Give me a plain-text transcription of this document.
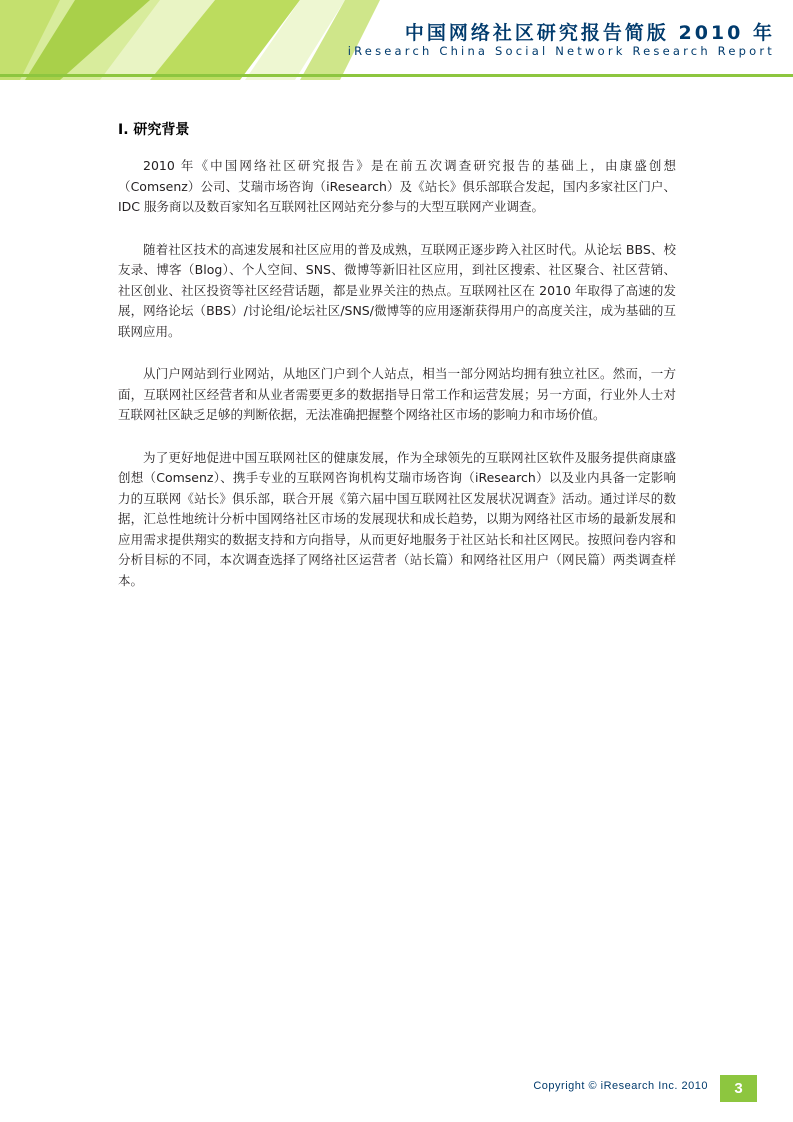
中国网络社区研究报告简版 2010 年
iResearch China Social Network Research Report
I. 研究背景

2010 年《中国网络社区研究报告》是在前五次调查研究报告的基础上，由康盛创想（Comsenz）公司、艾瑞市场咨询（iResearch）及《站长》俱乐部联合发起，国内多家社区门户、IDC 服务商以及数百家知名互联网社区网站充分参与的大型互联网产业调查。

随着社区技术的高速发展和社区应用的普及成熟，互联网正逐步跨入社区时代。从论坛 BBS、校友录、博客（Blog）、个人空间、SNS、微博等新旧社区应用，到社区搜索、社区聚合、社区营销、社区创业、社区投资等社区经营话题，都是业界关注的热点。互联网社区在 2010 年取得了高速的发展，网络论坛（BBS）/讨论组/论坛社区/SNS/微博等的应用逐渐获得用户的高度关注，成为基础的互联网应用。

从门户网站到行业网站，从地区门户到个人站点，相当一部分网站均拥有独立社区。然而，一方面，互联网社区经营者和从业者需要更多的数据指导日常工作和运营发展；另一方面，行业外人士对互联网社区缺乏足够的判断依据，无法准确把握整个网络社区市场的影响力和市场价值。

为了更好地促进中国互联网社区的健康发展，作为全球领先的互联网社区软件及服务提供商康盛创想（Comsenz）、携手专业的互联网咨询机构艾瑞市场咨询（iResearch）以及业内具备一定影响力的互联网《站长》俱乐部，联合开展《第六届中国互联网社区发展状况调查》活动。通过详尽的数据，汇总性地统计分析中国网络社区市场的发展现状和成长趋势，以期为网络社区市场的最新发展和应用需求提供翔实的数据支持和方向指导，从而更好地服务于社区站长和社区网民。按照问卷内容和分析目标的不同，本次调查选择了网络社区运营者（站长篇）和网络社区用户（网民篇）两类调查样本。

Copyright © iResearch Inc. 2010	3
